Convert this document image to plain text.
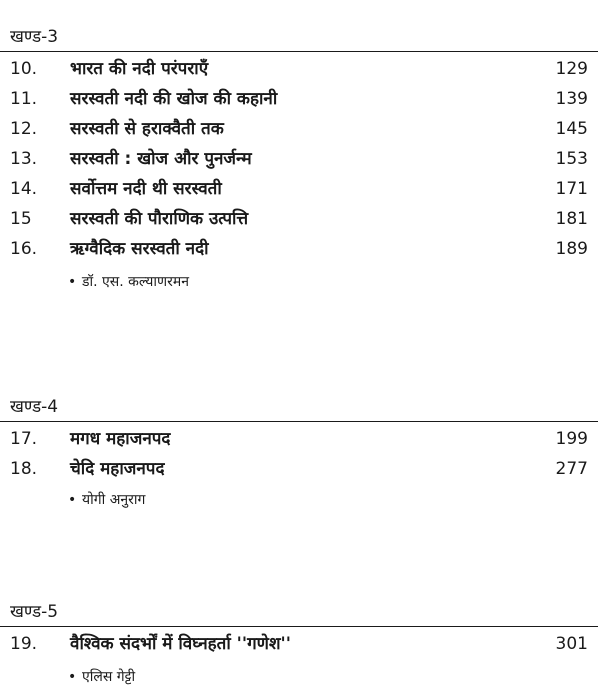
खण्ड-3
10. भारत की नदी परंपराएँ	129
11. सरस्वती नदी की खोज की कहानी	139
12. सरस्वती से हराक्वैती तक	145
13. सरस्वती : खोज और पुनर्जन्म	153
14. सर्वोत्तम नदी थी सरस्वती	171
15 सरस्वती की पौराणिक उत्पत्ति	181
16. ऋग्वैदिक सरस्वती नदी	189
• डॉ. एस. कल्याणरमन
खण्ड-4
17. मगध महाजनपद	199
18. चेदि महाजनपद	277
• योगी अनुराग
खण्ड-5
19. वैश्विक संदर्भों में विघ्नहर्ता ''गणेश''	301
• एलिस गेट्टी
